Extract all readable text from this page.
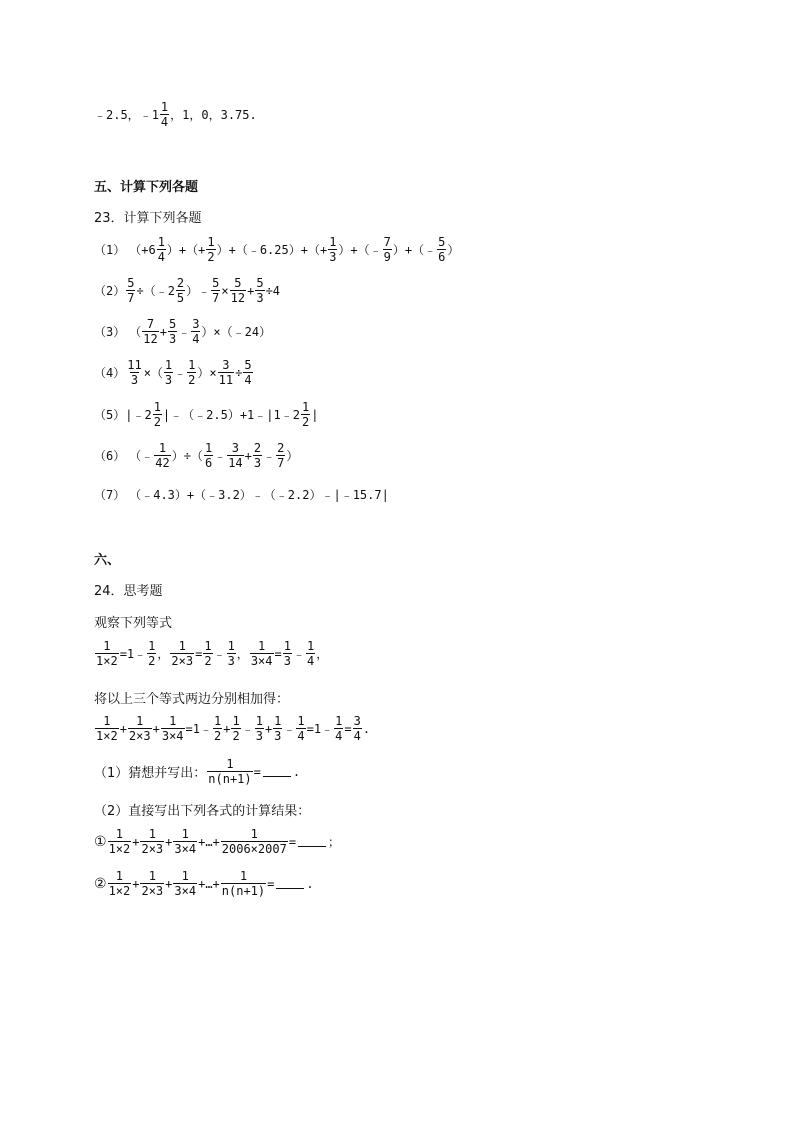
﹣2.5， ﹣1 $\frac{1}{4}$ ，1，0，3.75.
五、计算下列各题
23．计算下列各题
（1） （$+6 \frac{1}{4}$ ）+（+ $\frac{1}{2}$ ）+（﹣6.25）+（+ $\frac{1}{3}$ ）+（﹣ $\frac{7}{9}$ ）+（﹣ $\frac{5}{6}$ ）
$(2) \frac{5}{7}$ ÷（﹣2 $\frac{2}{5}$ ）﹣ $\frac{5}{7} \times \frac{5}{12} + \frac{5}{3} \div 4$
（3） （ $\frac{7}{12} + \frac{5}{3}$ ﹣ $\frac{3}{4}$ ）×（﹣24）
$(4) \frac{11}{3}$ ×（ $\frac{1}{3}$ ﹣ $\frac{1}{2}$ ）× $\frac{3}{11} \div \frac{5}{4}$
（5） |﹣2 $\frac{1}{2}$ |﹣（﹣2.5）+1﹣|1﹣2 $\frac{1}{2}$ |
（6） （﹣ $\frac{1}{42}$ ）÷（ $\frac{1}{6}$ ﹣ $\frac{3}{14} + \frac{2}{3}$ ﹣ $\frac{2}{7}$ ）
（7） （﹣4.3）+（﹣3.2）﹣（﹣2.2）﹣|﹣15.7|
六、
24．思考题
观察下列等式
$\frac{1}{1\times 2}$ =1﹣ $\frac{1}{2}$ ， $\frac{1}{2\times 3} = \frac{1}{2}$ ﹣ $\frac{1}{3}$ ， $\frac{1}{3\times 4} = \frac{1}{3}$ ﹣ $\frac{1}{4}$ ，
将以上三个等式两边分别相加得：
$\frac{1}{1\times 2} + \frac{1}{2\times 3} + \frac{1}{3\times 4}$ =1﹣ $\frac{1}{2} + \frac{1}{2}$ ﹣ $\frac{1}{3} + \frac{1}{3}$ ﹣ $\frac{1}{4}$ =1﹣ $\frac{1}{4} = \frac{3}{4}$ .
（1）猜想并写出： $\frac{1}{n(n+1)}$ =	.
（2）直接写出下列各式的计算结果：
① $\frac{1}{1\times 2} + \frac{1}{2\times 3} + \frac{1}{3\times 4}$ +…+ $\frac{1}{2006\times 2007}$ =	；
② $\frac{1}{1\times 2} + \frac{1}{2\times 3} + \frac{1}{3\times 4}$ +…+ $\frac{1}{n(n+1)}$ =	.
